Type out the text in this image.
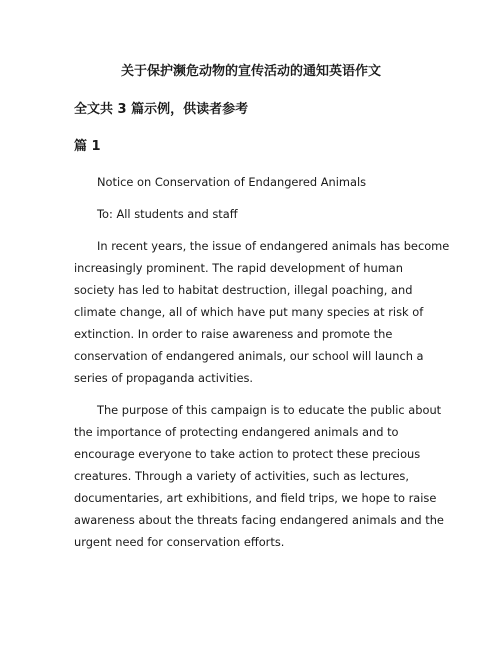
关于保护濒危动物的宣传活动的通知英语作文
全文共 3 篇示例，供读者参考
篇 1
Notice on Conservation of Endangered Animals
To: All students and staff
In recent years, the issue of endangered animals has become
increasingly prominent. The rapid development of human
society has led to habitat destruction, illegal poaching, and
climate change, all of which have put many species at risk of
extinction. In order to raise awareness and promote the
conservation of endangered animals, our school will launch a
series of propaganda activities.
The purpose of this campaign is to educate the public about
the importance of protecting endangered animals and to
encourage everyone to take action to protect these precious
creatures. Through a variety of activities, such as lectures,
documentaries, art exhibitions, and field trips, we hope to raise
awareness about the threats facing endangered animals and the
urgent need for conservation efforts.
